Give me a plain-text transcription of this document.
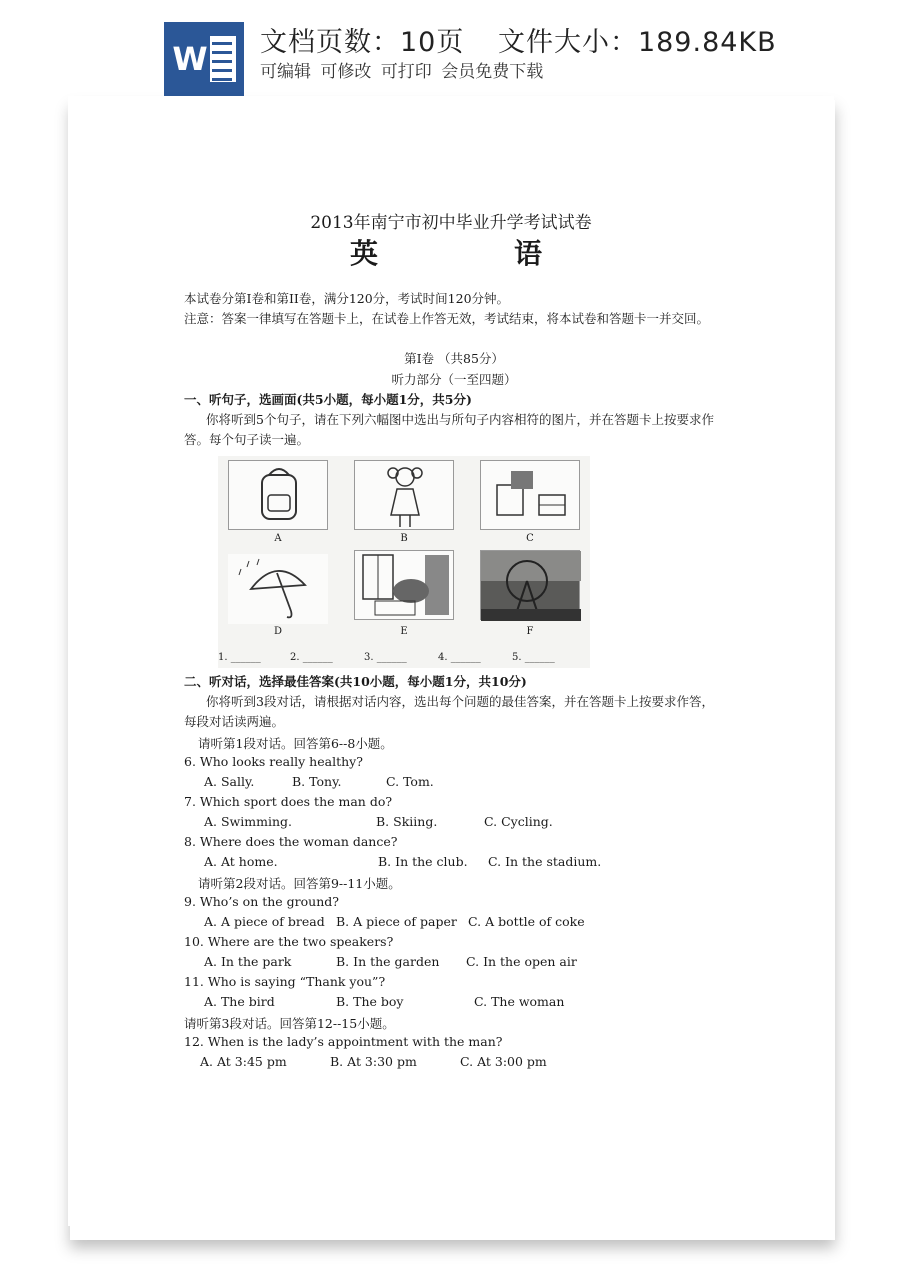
W 文档页数：10页 文件大小：189.84KB
可编辑 可修改 可打印 会员免费下载
2013年南宁市初中毕业升学考试试卷
英语
本试卷分第I卷和第II卷，满分120分，考试时间120分钟。
注意：答案一律填写在答题卡上，在试卷上作答无效，考试结束，将本试卷和答题卡一并交回。
第I卷 （共85分）
听力部分（一至四题）
一、听句子，选画面(共5小题，每小题1分，共5分)
你将听到5个句子，请在下列六幅图中选出与所句子内容相符的图片，并在答题卡上按要求作答。每个句子读一遍。
A	B	C
D	E	F
1. ______	2. ______	3. ______	4. ______	5. ______
二、听对话，选择最佳答案(共10小题，每小题1分，共10分)
你将听到3段对话，请根据对话内容，选出每个问题的最佳答案，并在答题卡上按要求作答，每段对话读两遍。
请听第1段对话。回答第6--8小题。
6. Who looks really healthy?
A. Sally.	B. Tony.	C. Tom.
7. Which sport does the man do?
A. Swimming.	B. Skiing.	C. Cycling.
8. Where does the woman dance?
A. At home.	B. In the club. C. In the stadium.
请听第2段对话。回答第9--11小题。
9. Who’s on the ground?
A. A piece of bread B. A piece of paper C. A bottle of coke
10. Where are the two speakers?
A. In the park	B. In the garden C. In the open air
11. Who is saying “Thank you”?
A. The bird	B. The boy	C. The woman
请听第3段对话。回答第12--15小题。
12. When is the lady’s appointment with the man?
A. At 3:45 pm	B. At 3:30 pm	C. At 3:00 pm
